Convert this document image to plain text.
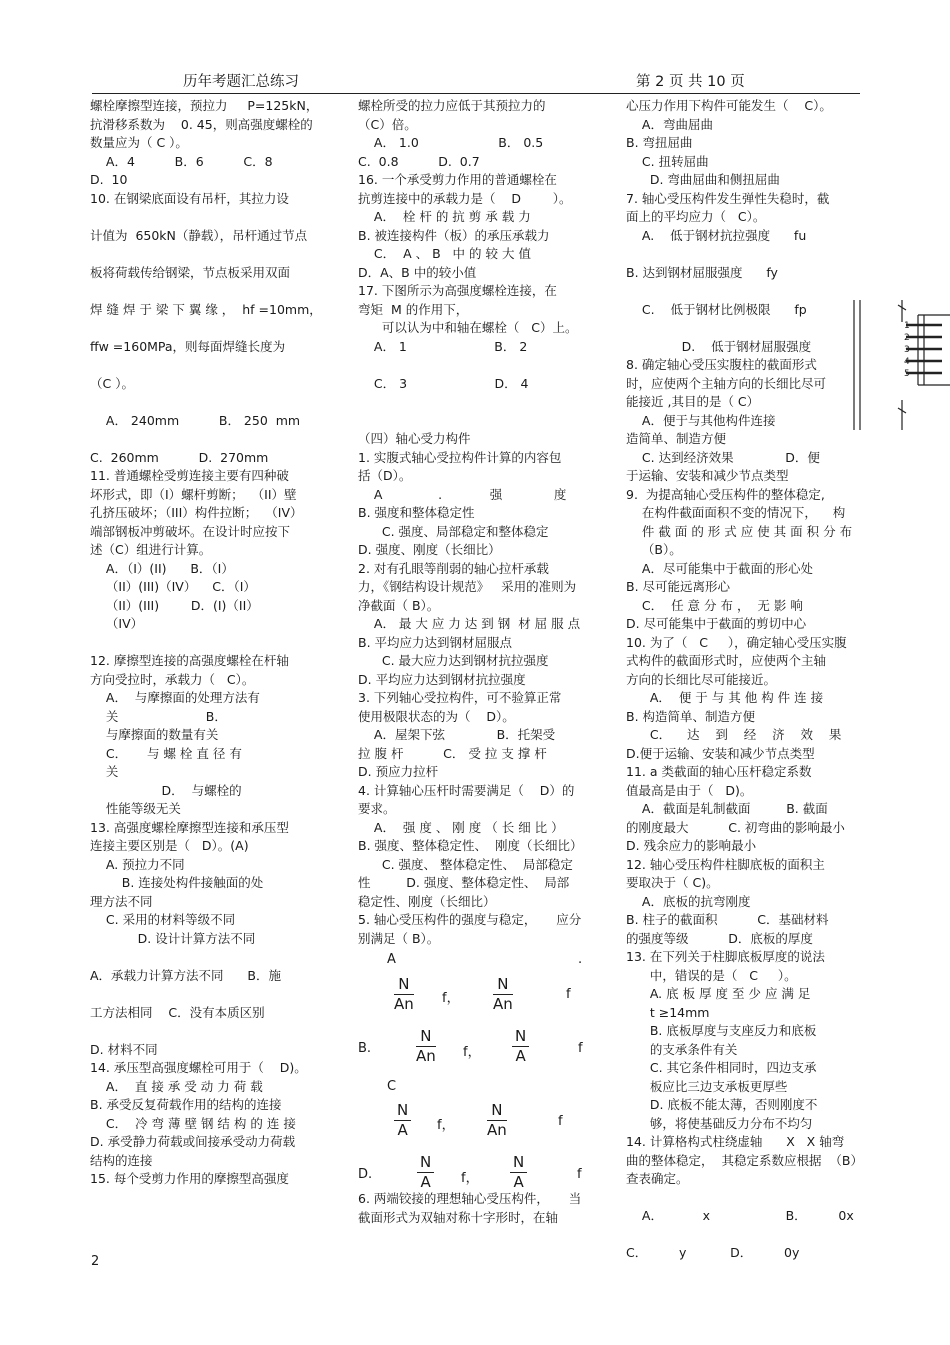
历年考题汇总练习	第 2 页 共 10 页
螺栓摩擦型连接，预拉力     P=125kN，
抗滑移系数为    0. 45，则高强度螺栓的
数量应为（ C ）。
A．4          B．6          C．8
D.  10
10. 在钢梁底面设有吊杆，其拉力设
计值为  650kN（静载），吊杆通过节点
板将荷载传给钢梁，节点板采用双面
焊 缝 焊 于 梁 下 翼 缘 ，  hf =10mm，
ffw =160MPa，则每面焊缝长度为
（C ）。
A． 240mm          B． 250  mm
C.  260mm          D.  270mm
11. 普通螺栓受剪连接主要有四种破
坏形式，即（I）螺杆剪断；  （II）壁
孔挤压破坏；（III）构件拉断；  （IV）
端部钢板冲剪破坏。在设计时应按下
述（C）组进行计算。
A．（I）(II)      B．（I）
（II）(III)（IV）    C．（I）
（II）(III)        D．(I)（II）
（IV）
12. 摩擦型连接的高强度螺栓在杆轴
方向受拉时，承载力（   C）。
A．  与摩擦面的处理方法有
关                      B．
与摩擦面的数量有关
C．     与 螺 栓 直 径 有
关
D．  与螺栓的
性能等级无关
13. 高强度螺栓摩擦型连接和承压型
连接主要区别是（   D）。(A)
A. 预拉力不同
B. 连接处构件接触面的处
理方法不同
C. 采用的材料等级不同
D. 设计计算方法不同
A．承载力计算方法不同      B．施
工方法相同    C．没有本质区别
D. 材料不同
14. 承压型高强度螺栓可用于（    D)。
A．  直 接 承 受 动 力 荷 载
B. 承受反复荷载作用的结构的连接
C．  冷 弯 薄 壁 钢 结 构 的 连 接
D. 承受静力荷载或间接承受动力荷载
结构的连接
15. 每个受剪力作用的摩擦型高强度
螺栓所受的拉力应低于其预拉力的
（C）倍。
A． 1.0                    B． 0.5
C.  0.8          D.  0.7
16. 一个承受剪力作用的普通螺栓在
抗剪连接中的承载力是（    D        ）。
A．  栓 杆 的 抗 剪 承 载 力
B. 被连接构件（板）的承压承载力
C．  A 、 B   中 的 较 大 值
D．A、B 中的较小值
17. 下图所示为高强度螺栓连接，在
弯矩  M 的作用下，
可以认为中和轴在螺栓（   C）上。
A． 1                      B． 2
C． 3                      D． 4
（四）轴心受力构件
1. 实腹式轴心受拉构件计算的内容包
括（D）。
A              .            强             度
B. 强度和整体稳定性
C. 强度、局部稳定和整体稳定
D. 强度、刚度（长细比）
2. 对有孔眼等削弱的轴心拉杆承载
力，《钢结构设计规范》   采用的准则为
净截面（ B）。
A． 最 大 应 力 达 到 钢  材 屈 服 点
B. 平均应力达到钢材屈服点
C. 最大应力达到钢材抗拉强度
D. 平均应力达到钢材抗拉强度
3. 下列轴心受拉构件，可不验算正常
使用极限状态的为（    D）。
A．屋架下弦             B．托架受
拉 腹 杆          C． 受 拉 支 撑 杆
D. 预应力拉杆
4. 计算轴心压杆时需要满足（    D）的
要求。
A．  强 度 、 刚 度 （ 长 细 比 ）
B. 强度、整体稳定性、  刚度（长细比）
C. 强度、 整体稳定性、  局部稳定
性         D. 强度、整体稳定性、  局部
稳定性、刚度（长细比）
5. 轴心受压构件的强度与稳定，     应分
别满足（ B）。
6. 两端铰接的理想轴心受压构件，     当
截面形式为双轴对称十字形时，在轴
心压力作用下构件可能发生（    C）。
A．弯曲屈曲
B. 弯扭屈曲
C. 扭转屈曲
D. 弯曲屈曲和侧扭屈曲
7. 轴心受压构件发生弹性失稳时，截
面上的平均应力（   C）。
A.    低于钢材抗拉强度      fu
B. 达到钢材屈服强度      fy
C.    低于钢材比例极限      fp
D.    低于钢材屈服强度
8. 确定轴心受压实腹柱的截面形式
时，应使两个主轴方向的长细比尽可
能接近 ,其目的是（ C）
A．便于与其他构件连接
造简单、制造方便
C. 达到经济效果             D．便
于运输、安装和减少节点类型
9.  为提高轴心受压构件的整体稳定,
在构件截面面积不变的情况下，    构
件 截 面 的 形 式 应 使 其 面 积 分 布
（B）。
A．尽可能集中于截面的形心处
B. 尽可能远离形心
C．  任 意 分 布 ，  无 影 响
D. 尽可能集中于截面的剪切中心
10. 为了（   C     ），确定轴心受压实腹
式构件的截面形式时，应使两个主轴
方向的长细比尽可能接近。
A．  便 于 与 其 他 构 件 连 接
B. 构造简单、制造方便
C．    达    到    经    济    效    果
D.便于运输、安装和减少节点类型
11. a 类截面的轴心压杆稳定系数
值最高是由于（   D)。
A．截面是轧制截面         B. 截面
的刚度最大          C. 初弯曲的影响最小
D. 残余应力的影响最小
12. 轴心受压构件柱脚底板的面积主
要取决于（ C)。
A．底板的抗弯刚度
B. 柱子的截面积          C．基础材料
的强度等级          D．底板的厚度
13. 在下列关于柱脚底板厚度的说法
中，错误的是（   C     ）。
A. 底 板 厚 度 至 少 应 满 足
t ≥14mm
B. 底板厚度与支座反力和底板
的支承条件有关
C. 其它条件相同时，四边支承
板应比三边支承板更厚些
D. 底板不能太薄，否则刚度不
够，将使基础反力分布不均匀
14. 计算格构式柱绕虚轴      X   X 轴弯
曲的整体稳定，  其稳定系数应根据  （B）
查表确定。
A．          x                   B．        0x
C．        y           D．        0y
A	.
$\frac{N}{An}$ f， $\frac{N}{An}$	f
B.	$\frac{N}{An}$ f， $\frac{N}{A}$	f
C
$\frac{N}{A}$ f， $\frac{N}{An}$	f
D.	$\frac{N}{A}$ f， $\frac{N}{A}$	f
1
2
3
4
5
2
